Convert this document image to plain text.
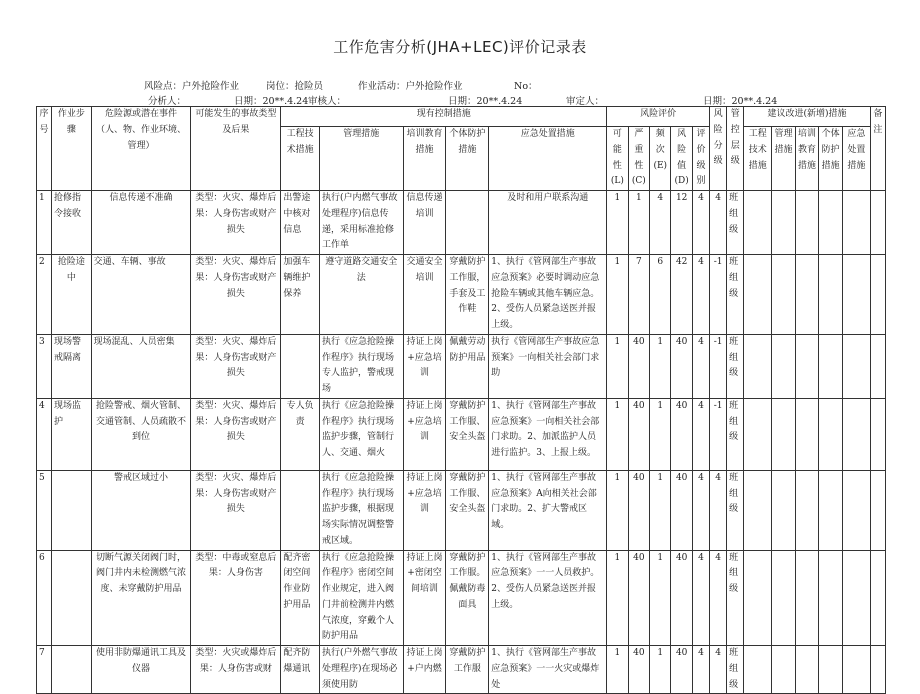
工作危害分析(JHA+LEC)评价记录表
风险点：户外抢险作业	岗位：抢险员	作业活动：户外抢险作业	No：
分析人：	日期：20**.4.24 审核人：	日期：20**.4.24	审定人：	日期：20**.4.24
序号	作业步骤	危险源或潜在事件（人、物、作业环境、管理）	可能发生的事故类型及后果	现有控制措施					风险评价					风险分级	管控层级	建议改进(新增)措施					备注
				工程技术措施	管理措施	培训教育措施	个体防护措施	应急处置措施	可能性(L)	严重性(C)	频次(E)	风险值(D)	评价级别			工程技术措施	管理措施	培训教育措施	个体防护措施	应急处置措施	
1	抢修指令接收	信息传递不准确	类型：火灾、爆炸后果：人身伤害或财产损失	出警途中核对信息	执行(户内燃气事故处理程序)信息传递，采用标准抢修工作单	信息传递培训		及时和用户联系沟通	1	1	4	12	4	4	班组级						
2	抢险途中	交通、车辆、事故	类型：火灾、爆炸后果：人身伤害或财产损失	加强车辆维护保养	遵守道路交通安全法	交通安全培训	穿戴防护工作服，手套及工作鞋	1、执行《管网部生产事故应急预案》必要时调动应急抢险车辆或其他车辆应急。2、受伤人员紧急送医并报上级。	1	7	6	42	4	-1	班组级						
3	现场警戒隔离	现场混乱、人员密集	类型：火灾、爆炸后果：人身伤害或财产损失		执行《应急抢险操作程序》执行现场专人监护，警戒现场	持证上岗+应急培训	佩戴劳动防护用品	执行《管网部生产事故应急预案》一向相关社会部门求助	1	40	1	40	4	-1	班组级						
4	现场监护	抢险警戒、烟火管制、交通管制、人员疏散不到位	类型：火灾、爆炸后果：人身伤害或财产损失	专人负责	执行《应急抢险操作程序》执行现场监护步骤，管制行人、交通、烟火	持证上岗+应急培训	穿戴防护工作服、安全头盔	1、执行《管网部生产事故应急预案》一向相关社会部门求助。2、加派监护人员进行监护。3、上报上级。	1	40	1	40	4	-1	班组级						
5		警戒区域过小	类型：火灾、爆炸后果：人身伤害或财产损失		执行《应急抢险操作程序》执行现场监护步骤，根据现场实际情况调整警戒区域。	持证上岗+应急培训	穿戴防护工作服、安全头盔	1、执行《管网部生产事故应急预案》A向相关社会部门求助。2、扩大警戒区域。	1	40	1	40	4	4	班组级						
6		切断气源关闭阀门时，阀门井内未检测燃气浓度、未穿戴防护用品	类型：中毒或窒息后果：人身伤害	配齐密闭空间作业防护用品	执行《应急抢险操作程序》密闭空间作业规定，进入阀门井前检测井内燃气浓度，穿戴个人防护用品	持证上岗+密闭空间培训	穿戴防护工作服。佩戴防毒面具	1、执行《管网部生产事故应急预案》一一人员救护。2、受伤人员紧急送医并报上级。	1	40	1	40	4	4	班组级						
7		使用非防爆通讯工具及仪器	类型：火灾或爆炸后果：人身伤害或财	配齐防爆通讯	执行(户外燃气事故处理程序)在现场必须使用防	持证上岗+户内燃	穿戴防护工作服	1、执行《管网部生产事故应急预案》一一火灾或爆炸处	1	40	1	40	4	4	班组级						
